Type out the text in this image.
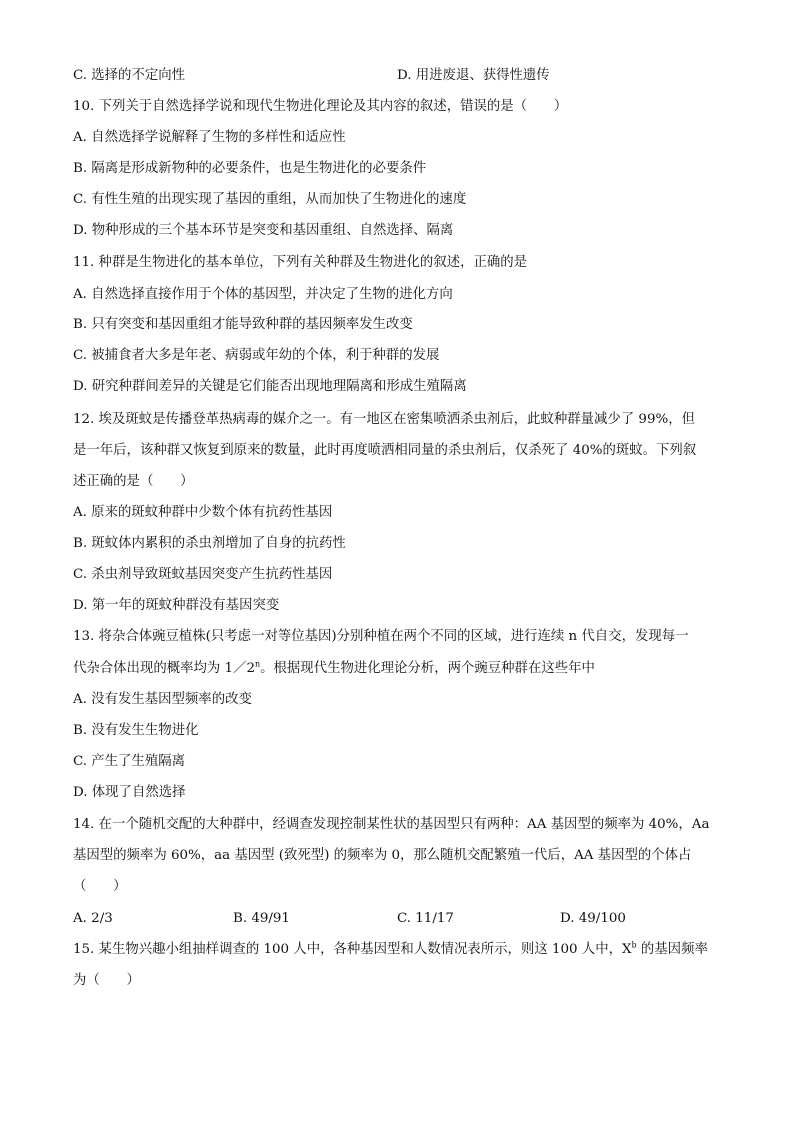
C. 选择的不定向性	D. 用进废退、获得性遗传
10. 下列关于自然选择学说和现代生物进化理论及其内容的叙述，错误的是（　　）
A. 自然选择学说解释了生物的多样性和适应性
B. 隔离是形成新物种的必要条件，也是生物进化的必要条件
C. 有性生殖的出现实现了基因的重组，从而加快了生物进化的速度
D. 物种形成的三个基本环节是突变和基因重组、自然选择、隔离
11. 种群是生物进化的基本单位，下列有关种群及生物进化的叙述，正确的是
A. 自然选择直接作用于个体的基因型，并决定了生物的进化方向
B. 只有突变和基因重组才能导致种群的基因频率发生改变
C. 被捕食者大多是年老、病弱或年幼的个体，利于种群的发展
D. 研究种群间差异的关键是它们能否出现地理隔离和形成生殖隔离
12. 埃及斑蚊是传播登革热病毒的媒介之一。有一地区在密集喷洒杀虫剂后，此蚊种群量减少了 99%，但
是一年后，该种群又恢复到原来的数量，此时再度喷洒相同量的杀虫剂后，仅杀死了 40%的斑蚊。下列叙
述正确的是（　　）
A. 原来的斑蚊种群中少数个体有抗药性基因
B. 斑蚊体内累积的杀虫剂增加了自身的抗药性
C. 杀虫剂导致斑蚊基因突变产生抗药性基因
D. 第一年的斑蚊种群没有基因突变
13. 将杂合体豌豆植株(只考虑一对等位基因)分别种植在两个不同的区域，进行连续 n 代自交，发现每一
代杂合体出现的概率均为 1／2$^n$。根据现代生物进化理论分析，两个豌豆种群在这些年中
A. 没有发生基因型频率的改变
B. 没有发生生物进化
C. 产生了生殖隔离
D. 体现了自然选择
14. 在一个随机交配的大种群中，经调查发现控制某性状的基因型只有两种：AA 基因型的频率为 40%，Aa
基因型的频率为 60%，aa 基因型 (致死型) 的频率为 0，那么随机交配繁殖一代后，AA 基因型的个体占
（　　）
A. 2/3	B. 49/91	C. 11/17	D. 49/100
15. 某生物兴趣小组抽样调查的 100 人中，各种基因型和人数情况表所示，则这 100 人中，$X^b$ 的基因频率
为（　　）
